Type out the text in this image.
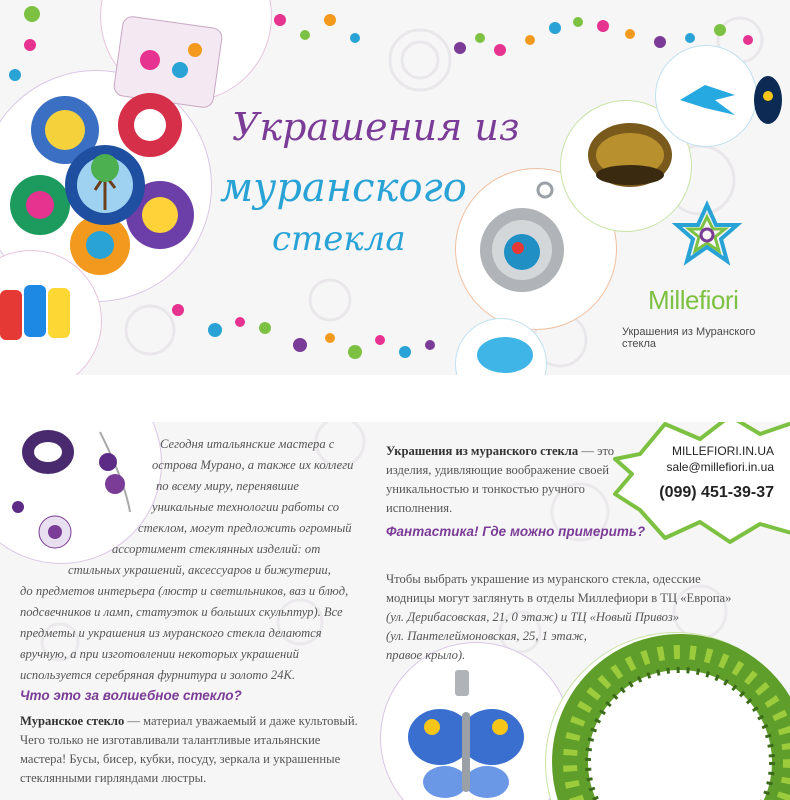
Украшения из
муранского
стекла
Millefiori
Украшения из Муранского стекла
Сегодня итальянские мастера с
острова Мурано, а также их коллеги
по всему миру, перенявшие
уникальные технологии работы со
стеклом, могут предложить огромный
ассортимент стеклянных изделий: от
стильных украшений, аксессуаров и бижутерии,
до предметов интерьера (люстр и светильников, ваз и блюд,
подсвечников и ламп, статуэток и больших скульптур). Все
предметы и украшения из муранского стекла делаются
вручную, а при изготовлении некоторых украшений
используется серебряная фурнитура и золото 24K.
Что это за волшебное стекло?
Муранское стекло — материал уважаемый и даже культовый. Чего только не изготавливали талантливые итальянские мастера! Бусы, бисер, кубки, посуду, зеркала и украшенные стеклянными гирляндами люстры.
Украшения из муранского стекла — это изделия, удивляющие воображение своей уникальностью и тонкостью ручного исполнения.
Фантастика! Где можно примерить?
Чтобы выбрать украшение из муранского стекла, одесские
модницы могут заглянуть в отделы Миллефиори в ТЦ «Европа»
(ул. Дерибасовская, 21, 0 этаж) и ТЦ «Новый Привоз»
(ул. Пантелеймоновская, 25, 1 этаж,
правое крыло).
MILLEFIORI.IN.UA
sale@millefiori.in.ua
(099) 451-39-37
